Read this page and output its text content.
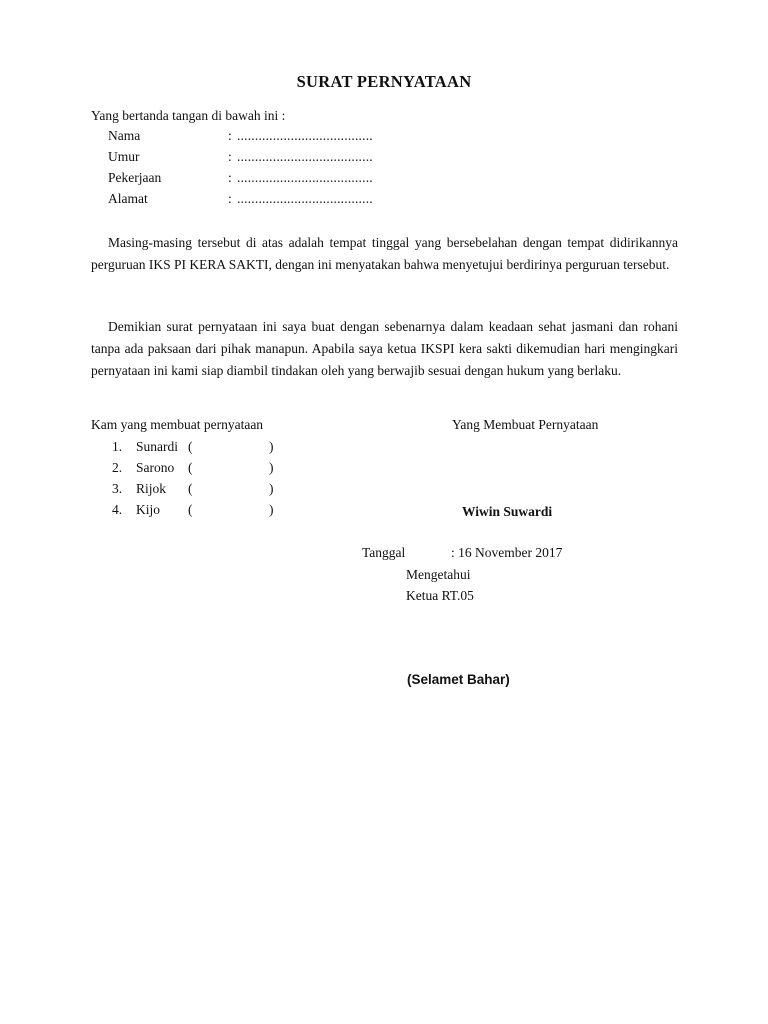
SURAT PERNYATAAN
Yang bertanda tangan di bawah ini :
Nama	: ......................................
Umur	: ......................................
Pekerjaan	: ......................................
Alamat	: ......................................

Masing-masing tersebut di atas adalah tempat tinggal yang bersebelahan dengan tempat didirikannya perguruan IKS PI KERA SAKTI, dengan ini menyatakan bahwa menyetujui berdirinya perguruan tersebut.

Demikian surat pernyataan ini saya buat dengan sebenarnya dalam keadaan sehat jasmani dan rohani tanpa ada paksaan dari pihak manapun. Apabila saya ketua IKSPI kera sakti dikemudian hari mengingkari pernyataan ini kami siap diambil tindakan oleh yang berwajib sesuai dengan hukum yang berlaku.

Kam yang membuat pernyataan	Yang Membuat Pernyataan
1. Sunardi (	)
2. Sarono (	)
3. Rijok (	)
4. Kijo (	)	Wiwin Suwardi
Tanggal	: 16 November 2017
Mengetahui
Ketua RT.05
(Selamet Bahar)
